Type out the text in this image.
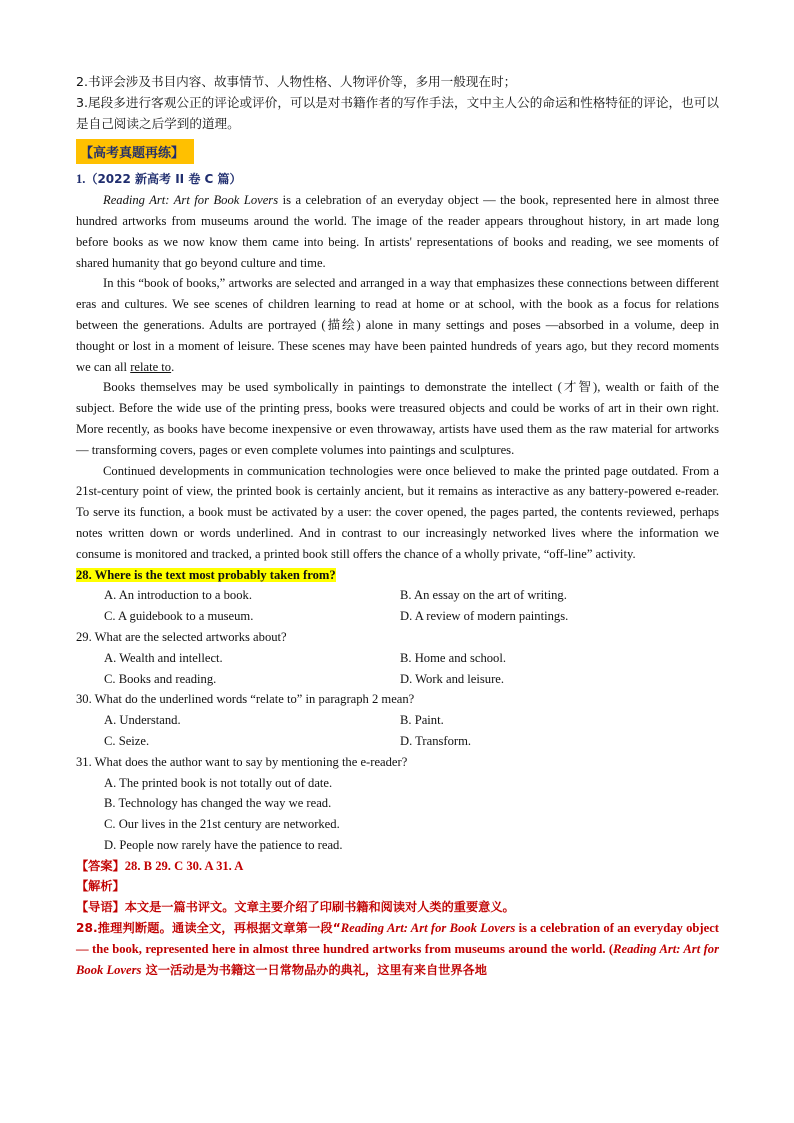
2.书评会涉及书目内容、故事情节、人物性格、人物评价等，多用一般现在时；
3.尾段多进行客观公正的评论或评价，可以是对书籍作者的写作手法，文中主人公的命运和性格特征的评论，也可以是自己阅读之后学到的道理。
【高考真题再练】
1.（2022 新高考 II 卷 C 篇）

Reading Art: Art for Book Lovers is a celebration of an everyday object — the book, represented here in almost three hundred artworks from museums around the world. The image of the reader appears throughout history, in art made long before books as we now know them came into being. In artists' representations of books and reading, we see moments of shared humanity that go beyond culture and time.

In this “book of books,” artworks are selected and arranged in a way that emphasizes these connections between different eras and cultures. We see scenes of children learning to read at home or at school, with the book as a focus for relations between the generations. Adults are portrayed (描绘) alone in many settings and poses —absorbed in a volume, deep in thought or lost in a moment of leisure. These scenes may have been painted hundreds of years ago, but they record moments we can all relate to.

Books themselves may be used symbolically in paintings to demonstrate the intellect (才智), wealth or faith of the subject. Before the wide use of the printing press, books were treasured objects and could be works of art in their own right. More recently, as books have become inexpensive or even throwaway, artists have used them as the raw material for artworks — transforming covers, pages or even complete volumes into paintings and sculptures.

Continued developments in communication technologies were once believed to make the printed page outdated. From a 21st-century point of view, the printed book is certainly ancient, but it remains as interactive as any battery-powered e-reader. To serve its function, a book must be activated by a user: the cover opened, the pages parted, the contents reviewed, perhaps notes written down or words underlined. And in contrast to our increasingly networked lives where the information we consume is monitored and tracked, a printed book still offers the chance of a wholly private, “off-line” activity.

28. Where is the text most probably taken from?
A. An introduction to a book.	B. An essay on the art of writing.
C. A guidebook to a museum.	D. A review of modern paintings.
29. What are the selected artworks about?
A. Wealth and intellect.	B. Home and school.
C. Books and reading.	D. Work and leisure.
30. What do the underlined words “relate to” in paragraph 2 mean?
A. Understand.	B. Paint.
C. Seize.	D. Transform.
31. What does the author want to say by mentioning the e-reader?
A. The printed book is not totally out of date.
B. Technology has changed the way we read.
C. Our lives in the 21st century are networked.
D. People now rarely have the patience to read.
【答案】28. B 29. C 30. A 31. A
【解析】
【导语】本文是一篇书评文。文章主要介绍了印刷书籍和阅读对人类的重要意义。

28.推理判断题。通读全文，再根据文章第一段“Reading Art: Art for Book Lovers is a celebration of an everyday object — the book, represented here in almost three hundred artworks from museums around the world. (Reading Art: Art for Book Lovers 这一活动是为书籍这一日常物品办的典礼，这里有来自世界各地
